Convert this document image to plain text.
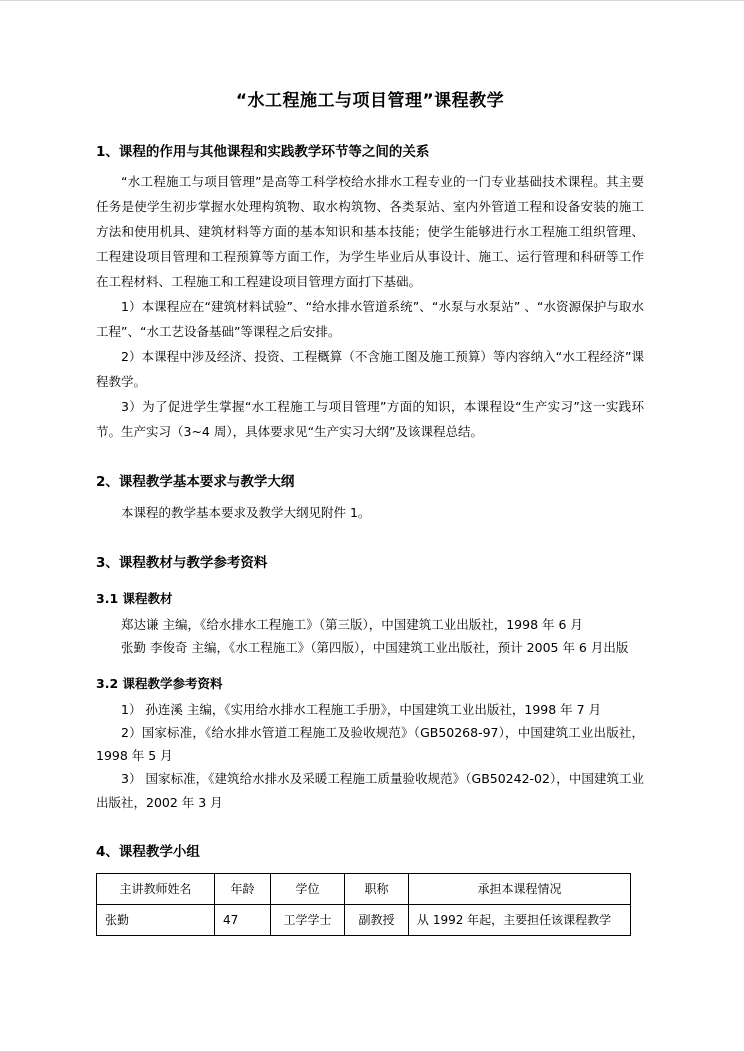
“水工程施工与项目管理”课程教学
1、课程的作用与其他课程和实践教学环节等之间的关系

“水工程施工与项目管理”是高等工科学校给水排水工程专业的一门专业基础技术课程。其主要任务是使学生初步掌握水处理构筑物、取水构筑物、各类泵站、室内外管道工程和设备安装的施工方法和使用机具、建筑材料等方面的基本知识和基本技能；使学生能够进行水工程施工组织管理、工程建设项目管理和工程预算等方面工作，为学生毕业后从事设计、施工、运行管理和科研等工作在工程材料、工程施工和工程建设项目管理方面打下基础。

1）本课程应在“建筑材料试验”、“给水排水管道系统”、“水泵与水泵站” 、“水资源保护与取水工程”、“水工艺设备基础”等课程之后安排。

2）本课程中涉及经济、投资、工程概算（不含施工图及施工预算）等内容纳入“水工程经济”课程教学。

3）为了促进学生掌握“水工程施工与项目管理”方面的知识，本课程设“生产实习”这一实践环节。生产实习（3~4 周），具体要求见“生产实习大纲”及该课程总结。

2、课程教学基本要求与教学大纲

本课程的教学基本要求及教学大纲见附件 1。

3、课程教材与教学参考资料
3.1 课程教材

郑达谦 主编，《给水排水工程施工》（第三版），中国建筑工业出版社，1998 年 6 月

张勤 李俊奇 主编，《水工程施工》（第四版），中国建筑工业出版社，预计 2005 年 6 月出版

3.2 课程教学参考资料

1） 孙连溪 主编，《实用给水排水工程施工手册》，中国建筑工业出版社，1998 年 7 月

2）国家标准，《给水排水管道工程施工及验收规范》（GB50268-97），中国建筑工业出版社，1998 年 5 月

3） 国家标准，《建筑给水排水及采暖工程施工质量验收规范》（GB50242-02），中国建筑工业出版社，2002 年 3 月

4、课程教学小组
主讲教师姓名	年龄	学位	职称	承担本课程情况
张勤	47	工学学士	副教授	从 1992 年起，主要担任该课程教学
